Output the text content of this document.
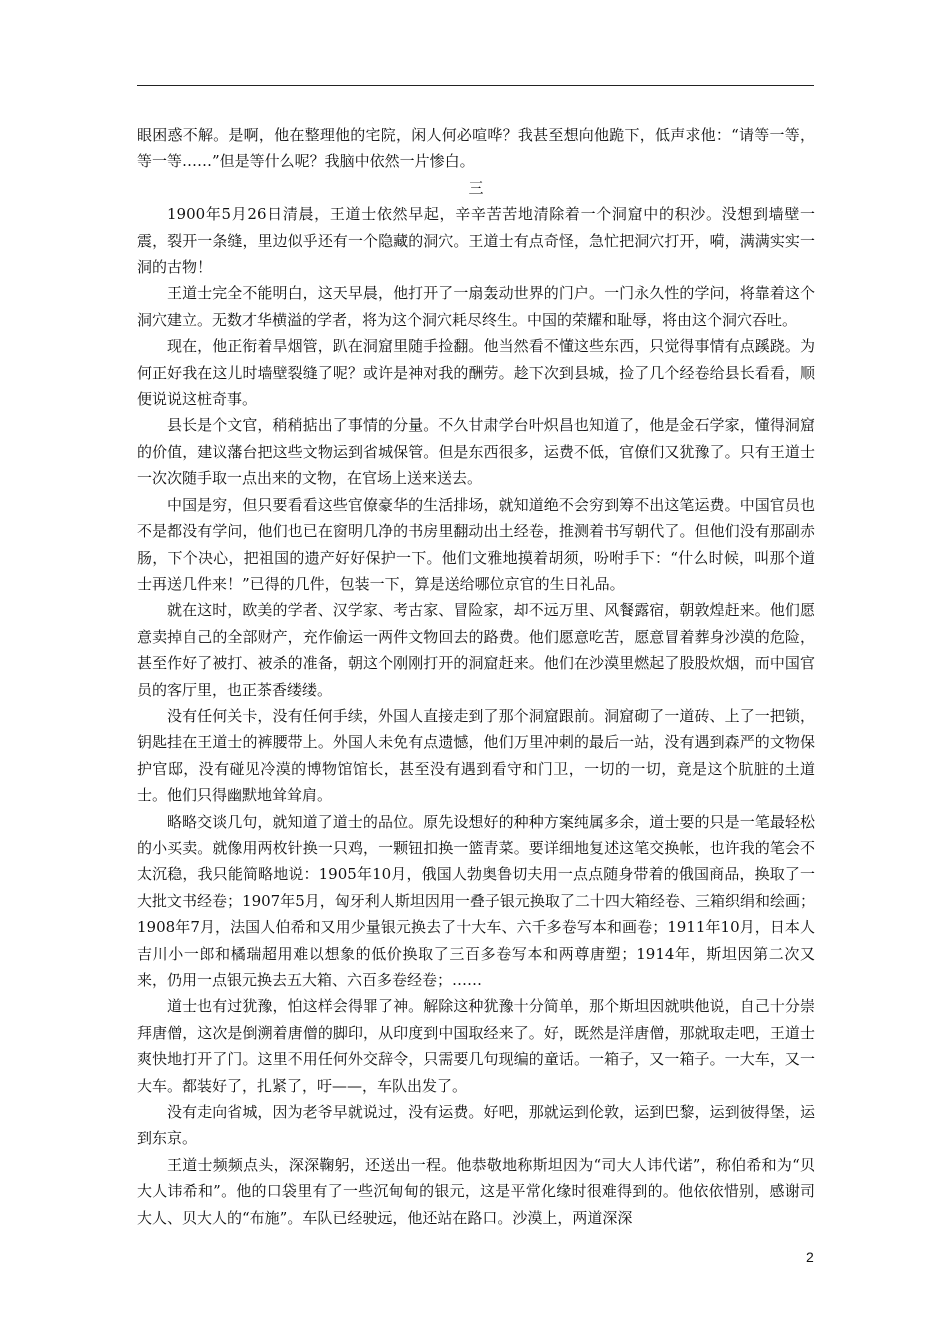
眼困惑不解。是啊，他在整理他的宅院，闲人何必喧哗？我甚至想向他跪下，低声求他：“请等一等，等一等……”但是等什么呢？我脑中依然一片惨白。

三

1900年5月26日清晨，王道士依然早起，辛辛苦苦地清除着一个洞窟中的积沙。没想到墙壁一震，裂开一条缝，里边似乎还有一个隐藏的洞穴。王道士有点奇怪，急忙把洞穴打开，嗬，满满实实一洞的古物！

王道士完全不能明白，这天早晨，他打开了一扇轰动世界的门户。一门永久性的学问，将靠着这个洞穴建立。无数才华横溢的学者，将为这个洞穴耗尽终生。中国的荣耀和耻辱，将由这个洞穴吞吐。

现在，他正衔着旱烟管，趴在洞窟里随手捡翻。他当然看不懂这些东西，只觉得事情有点蹊跷。为何正好我在这儿时墙壁裂缝了呢？或许是神对我的酬劳。趁下次到县城，捡了几个经卷给县长看看，顺便说说这桩奇事。

县长是个文官，稍稍掂出了事情的分量。不久甘肃学台叶炽昌也知道了，他是金石学家，懂得洞窟的价值，建议藩台把这些文物运到省城保管。但是东西很多，运费不低，官僚们又犹豫了。只有王道士一次次随手取一点出来的文物，在官场上送来送去。

中国是穷，但只要看看这些官僚豪华的生活排场，就知道绝不会穷到筹不出这笔运费。中国官员也不是都没有学问，他们也已在窗明几净的书房里翻动出土经卷，推测着书写朝代了。但他们没有那副赤肠，下个决心，把祖国的遗产好好保护一下。他们文雅地摸着胡须，吩咐手下：“什么时候，叫那个道士再送几件来！”已得的几件，包装一下，算是送给哪位京官的生日礼品。

就在这时，欧美的学者、汉学家、考古家、冒险家，却不远万里、风餐露宿，朝敦煌赶来。他们愿意卖掉自己的全部财产，充作偷运一两件文物回去的路费。他们愿意吃苦，愿意冒着葬身沙漠的危险，甚至作好了被打、被杀的准备，朝这个刚刚打开的洞窟赶来。他们在沙漠里燃起了股股炊烟，而中国官员的客厅里，也正茶香缕缕。

没有任何关卡，没有任何手续，外国人直接走到了那个洞窟跟前。洞窟砌了一道砖、上了一把锁，钥匙挂在王道士的裤腰带上。外国人未免有点遗憾，他们万里冲刺的最后一站，没有遇到森严的文物保护官邸，没有碰见冷漠的博物馆馆长，甚至没有遇到看守和门卫，一切的一切，竟是这个肮脏的土道士。他们只得幽默地耸耸肩。

略略交谈几句，就知道了道士的品位。原先设想好的种种方案纯属多余，道士要的只是一笔最轻松的小买卖。就像用两枚针换一只鸡，一颗钮扣换一篮青菜。要详细地复述这笔交换帐，也许我的笔会不太沉稳，我只能简略地说：1905年10月，俄国人勃奥鲁切夫用一点点随身带着的俄国商品，换取了一大批文书经卷；1907年5月，匈牙利人斯坦因用一叠子银元换取了二十四大箱经卷、三箱织绢和绘画；1908年7月，法国人伯希和又用少量银元换去了十大车、六千多卷写本和画卷；1911年10月，日本人吉川小一郎和橘瑞超用难以想象的低价换取了三百多卷写本和两尊唐塑；1914年，斯坦因第二次又来，仍用一点银元换去五大箱、六百多卷经卷；……

道士也有过犹豫，怕这样会得罪了神。解除这种犹豫十分简单，那个斯坦因就哄他说，自己十分崇拜唐僧，这次是倒溯着唐僧的脚印，从印度到中国取经来了。好，既然是洋唐僧，那就取走吧，王道士爽快地打开了门。这里不用任何外交辞令，只需要几句现编的童话。一箱子，又一箱子。一大车，又一大车。都装好了，扎紧了，吁——，车队出发了。

没有走向省城，因为老爷早就说过，没有运费。好吧，那就运到伦敦，运到巴黎，运到彼得堡，运到东京。

王道士频频点头，深深鞠躬，还送出一程。他恭敬地称斯坦因为“司大人讳代诺”，称伯希和为“贝大人讳希和”。他的口袋里有了一些沉甸甸的银元，这是平常化缘时很难得到的。他依依惜别，感谢司大人、贝大人的“布施”。车队已经驶远，他还站在路口。沙漠上，两道深深

2
